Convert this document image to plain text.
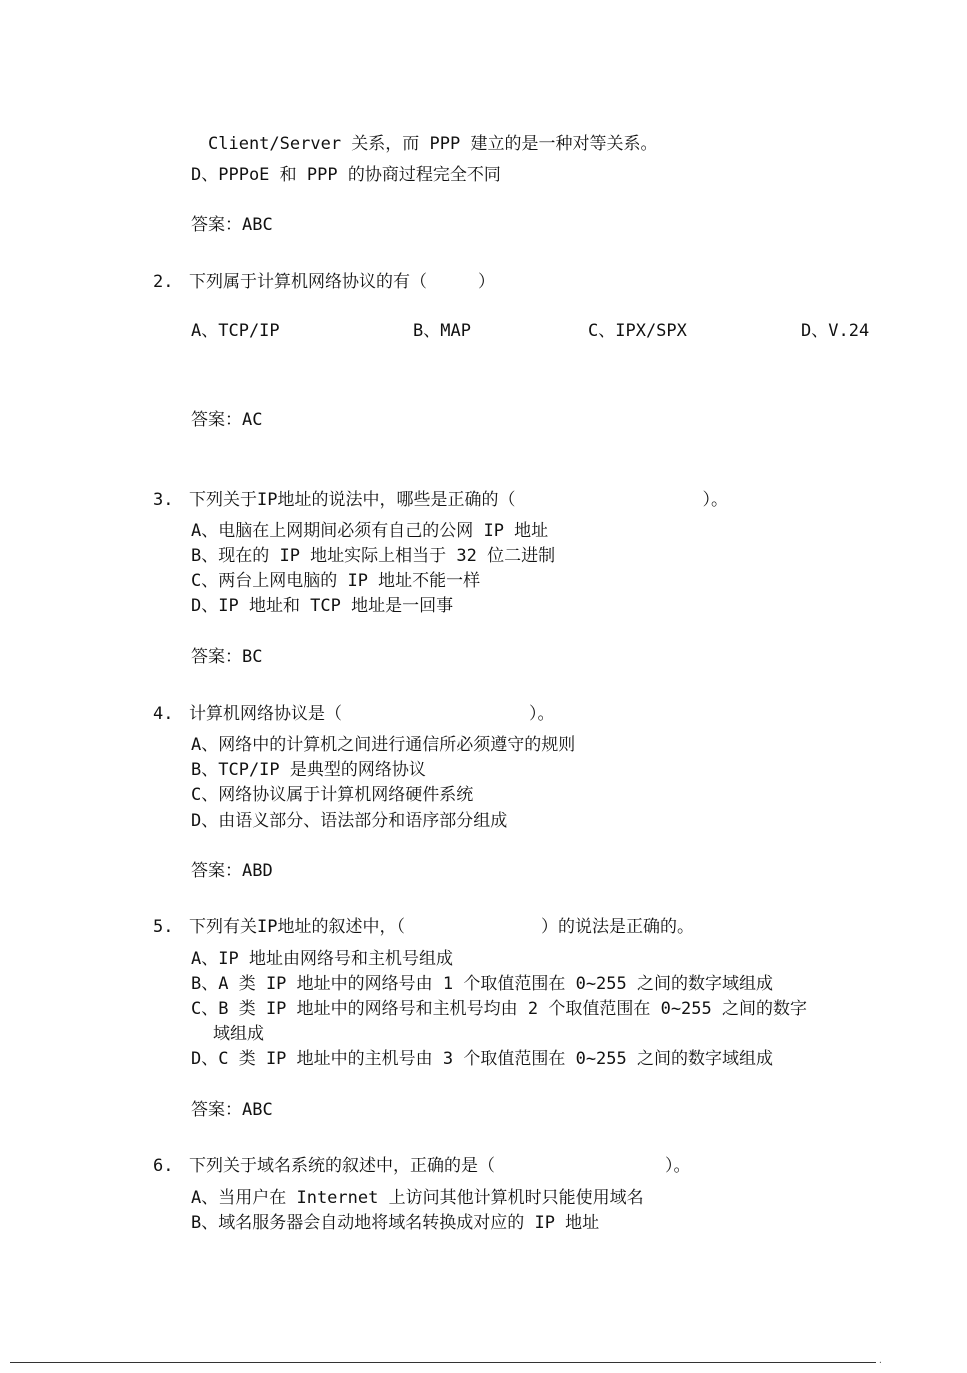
Client/Server 关系，而 PPP 建立的是一种对等关系。
D、PPPoE 和 PPP 的协商过程完全不同
答案：ABC
2. 下列属于计算机网络协议的有（　　　）
A、TCP/IP	B、MAP	C、IPX/SPX	D、V.24
答案：AC
3. 下列关于IP地址的说法中，哪些是正确的（　　　　　　　　　　　）。
A、电脑在上网期间必须有自己的公网 IP 地址
B、现在的 IP 地址实际上相当于 32 位二进制
C、两台上网电脑的 IP 地址不能一样
D、IP 地址和 TCP 地址是一回事
答案：BC
4. 计算机网络协议是（　　　　　　　　　　　）。
A、网络中的计算机之间进行通信所必须遵守的规则
B、TCP/IP 是典型的网络协议
C、网络协议属于计算机网络硬件系统
D、由语义部分、语法部分和语序部分组成
答案：ABD
5. 下列有关IP地址的叙述中，（　　　　　　　　）的说法是正确的。
A、IP 地址由网络号和主机号组成
B、A 类 IP 地址中的网络号由 1 个取值范围在 0~255 之间的数字域组成
C、B 类 IP 地址中的网络号和主机号均由 2 个取值范围在 0~255 之间的数字
域组成
D、C 类 IP 地址中的主机号由 3 个取值范围在 0~255 之间的数字域组成
答案：ABC
6. 下列关于域名系统的叙述中，正确的是（　　　　　　　　　　）。
A、当用户在 Internet 上访问其他计算机时只能使用域名
B、域名服务器会自动地将域名转换成对应的 IP 地址
·
